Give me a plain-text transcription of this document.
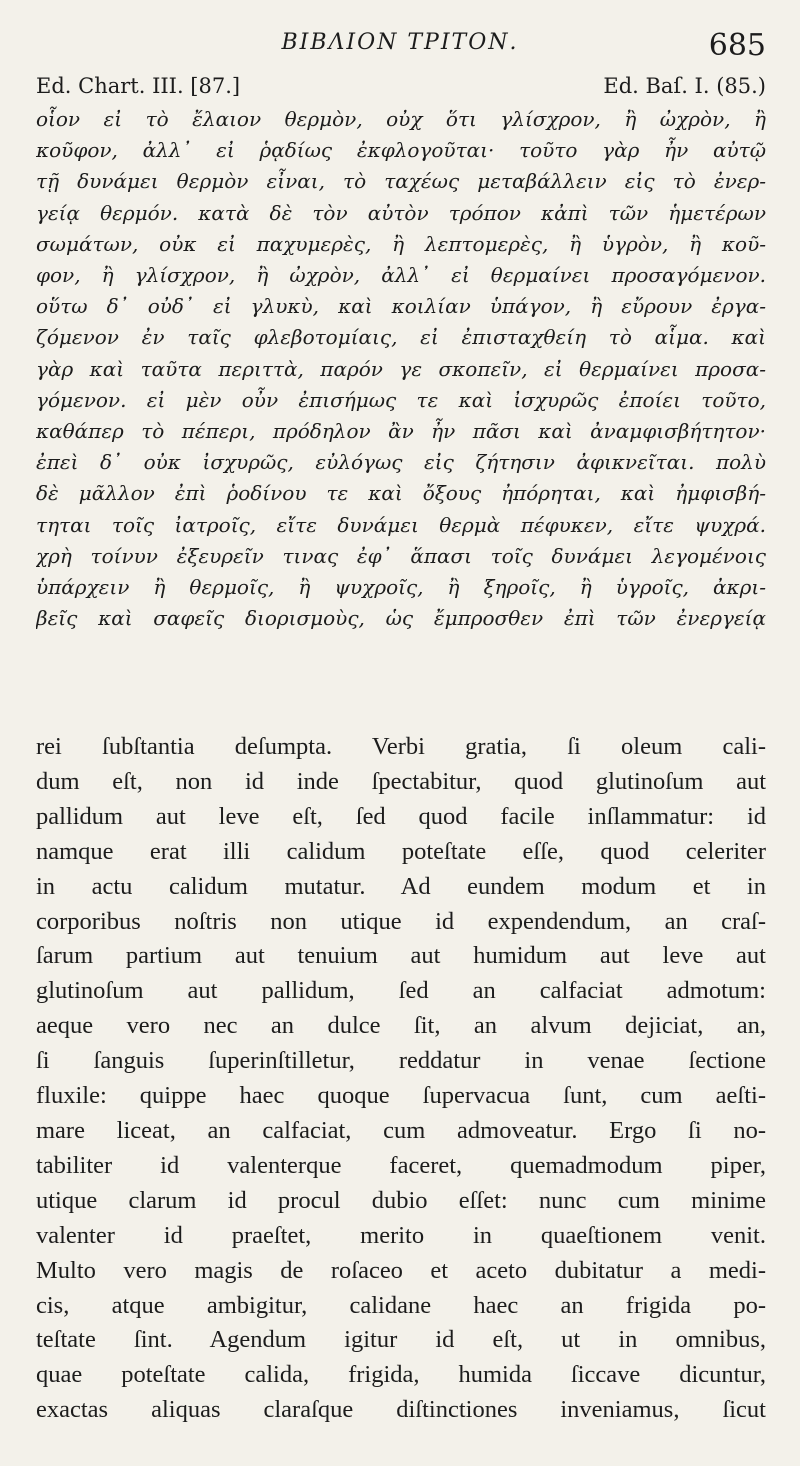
ΒΙΒΛΙΟΝ ΤΡΙΤΟΝ.	685
Ed. Chart. III. [87.]	Ed. Baſ. I. (85.)
οἷον εἰ τὸ ἔλαιον θερμὸν, οὐχ ὅτι γλίσχρον, ἢ ὠχρὸν, ἢ
κοῦφον, ἀλλ᾽ εἰ ῥᾳδίως ἐκφλογοῦται· τοῦτο γὰρ ἦν αὐτῷ
τῇ δυνάμει θερμὸν εἶναι, τὸ ταχέως μεταβάλλειν εἰς τὸ ἐνερ-
γείᾳ θερμόν. κατὰ δὲ τὸν αὐτὸν τρόπον κἀπὶ τῶν ἡμετέρων
σωμάτων, οὐκ εἰ παχυμερὲς, ἢ λεπτομερὲς, ἢ ὑγρὸν, ἢ κοῦ-
φον, ἢ γλίσχρον, ἢ ὠχρὸν, ἀλλ᾽ εἰ θερμαίνει προσαγόμενον.
οὕτω δ᾽ οὐδ᾽ εἰ γλυκὺ, καὶ κοιλίαν ὑπάγον, ἢ εὔρουν ἐργα-
ζόμενον ἐν ταῖς φλεβοτομίαις, εἰ ἐπισταχθείη τὸ αἷμα. καὶ
γὰρ καὶ ταῦτα περιττὰ, παρόν γε σκοπεῖν, εἰ θερμαίνει προσα-
γόμενον. εἰ μὲν οὖν ἐπισήμως τε καὶ ἰσχυρῶς ἐποίει τοῦτο,
καθάπερ τὸ πέπερι, πρόδηλον ἂν ἦν πᾶσι καὶ ἀναμφισβήτητον·
ἐπεὶ δ᾽ οὐκ ἰσχυρῶς, εὐλόγως εἰς ζήτησιν ἀφικνεῖται. πολὺ
δὲ μᾶλλον ἐπὶ ῥοδίνου τε καὶ ὄξους ἠπόρηται, καὶ ἠμφισβή-
τηται τοῖς ἰατροῖς, εἴτε δυνάμει θερμὰ πέφυκεν, εἴτε ψυχρά.
χρὴ τοίνυν ἐξευρεῖν τινας ἐφ᾽ ἅπασι τοῖς δυνάμει λεγομένοις
ὑπάρχειν ἢ θερμοῖς, ἢ ψυχροῖς, ἢ ξηροῖς, ἢ ὑγροῖς, ἀκρι-
βεῖς καὶ σαφεῖς διορισμοὺς, ὡς ἔμπροσθεν ἐπὶ τῶν ἐνεργείᾳ
rei ſubſtantia deſumpta. Verbi gratia, ſi oleum cali-
dum eſt, non id inde ſpectabitur, quod glutinoſum aut
pallidum aut leve eſt, ſed quod facile inſlammatur: id
namque erat illi calidum poteſtate eſſe, quod celeriter
in actu calidum mutatur. Ad eundem modum et in
corporibus noſtris non utique id expendendum, an craſ-
ſarum partium aut tenuium aut humidum aut leve aut
glutinoſum aut pallidum, ſed an calfaciat admotum:
aeque vero nec an dulce ſit, an alvum dejiciat, an,
ſi ſanguis ſuperinſtilletur, reddatur in venae ſectione
fluxile: quippe haec quoque ſupervacua ſunt, cum aeſti-
mare liceat, an calfaciat, cum admoveatur. Ergo ſi no-
tabiliter id valenterque faceret, quemadmodum piper,
utique clarum id procul dubio eſſet: nunc cum minime
valenter id praeſtet, merito in quaeſtionem venit.
Multo vero magis de roſaceo et aceto dubitatur a medi-
cis, atque ambigitur, calidane haec an frigida po-
teſtate ſint. Agendum igitur id eſt, ut in omnibus,
quae poteſtate calida, frigida, humida ſiccave dicuntur,
exactas aliquas claraſque diſtinctiones inveniamus, ſicut
